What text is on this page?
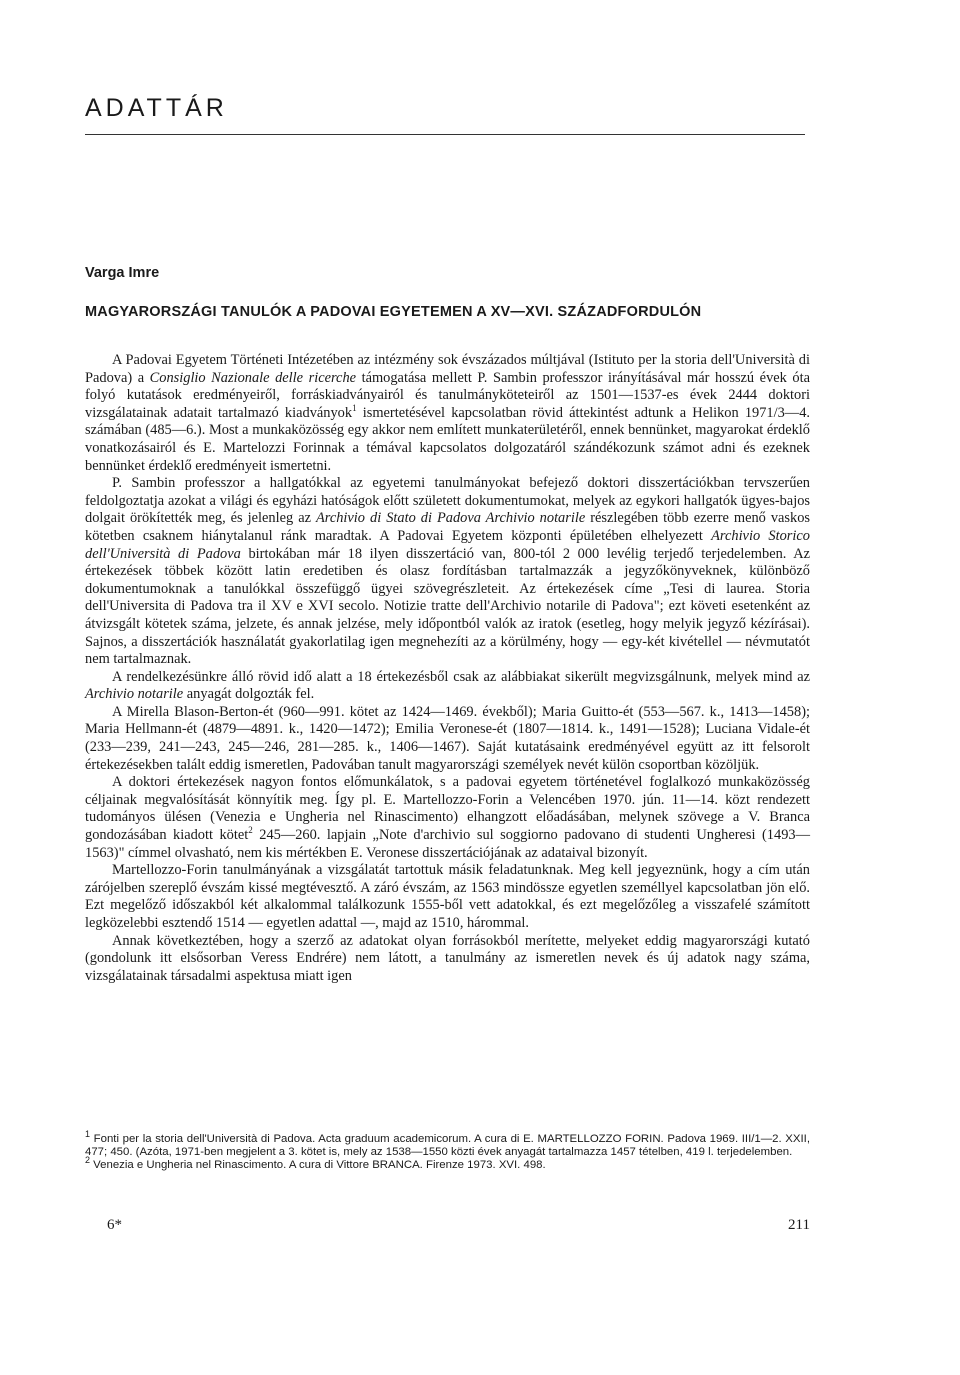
ADATTÁR
Varga Imre
MAGYARORSZÁGI TANULÓK A PADOVAI EGYETEMEN A XV—XVI. SZÁZADFORDULÓN

A Padovai Egyetem Történeti Intézetében az intézmény sok évszázados múltjával (Istituto per la storia dell'Università di Padova) a Consiglio Nazionale delle ricerche támogatása mellett P. Sambin professzor irányításával már hosszú évek óta folyó kutatások eredményeiről, forráskiadványairól és tanulmányköteteiről az 1501—1537-es évek 2444 doktori vizsgálatainak adatait tartalmazó kiadványok$^1$ ismertetésével kapcsolatban rövid áttekintést adtunk a Helikon 1971/3—4. számában (485—6.). Most a munkaközösség egy akkor nem említett munkaterületéről, ennek bennünket, magyarokat érdeklő vonatkozásairól és E. Martelozzi Forinnak a témával kapcsolatos dolgozatáról szándékozunk számot adni és ezeknek bennünket érdeklő eredményeit ismertetni.

P. Sambin professzor a hallgatókkal az egyetemi tanulmányokat befejező doktori disszertációkban tervszerűen feldolgoztatja azokat a világi és egyházi hatóságok előtt született dokumentumokat, melyek az egykori hallgatók ügyes-bajos dolgait örökítették meg, és jelenleg az Archivio di Stato di Padova Archivio notarile részlegében több ezerre menő vaskos kötetben csaknem hiánytalanul ránk maradtak. A Padovai Egyetem központi épületében elhelyezett Archivio Storico dell'Università di Padova birtokában már 18 ilyen disszertáció van, 800-tól 2 000 levélig terjedő terjedelemben. Az értekezések többek között latin eredetiben és olasz fordításban tartalmazzák a jegyzőkönyveknek, különböző dokumentumoknak a tanulókkal összefüggő ügyei szövegrészleteit. Az értekezések címe „Tesi di laurea. Storia dell'Universita di Padova tra il XV e XVI secolo. Notizie tratte dell'Archivio notarile di Padova"; ezt követi esetenként az átvizsgált kötetek száma, jelzete, és annak jelzése, mely időpontból valók az iratok (esetleg, hogy melyik jegyző kézírásai). Sajnos, a disszertációk használatát gyakorlatilag igen megnehezíti az a körülmény, hogy — egy-két kivétellel — névmutatót nem tartalmaznak.

A rendelkezésünkre álló rövid idő alatt a 18 értekezésből csak az alábbiakat sikerült megvizsgálnunk, melyek mind az Archivio notarile anyagát dolgozták fel.

A Mirella Blason-Berton-ét (960—991. kötet az 1424—1469. évekből); Maria Guitto-ét (553—567. k., 1413—1458); Maria Hellmann-ét (4879—4891. k., 1420—1472); Emilia Veronese-ét (1807—1814. k., 1491—1528); Luciana Vidale-ét (233—239, 241—243, 245—246, 281—285. k., 1406—1467). Saját kutatásaink eredményével együtt az itt felsorolt értekezésekben talált eddig ismeretlen, Padovában tanult magyarországi személyek nevét külön csoportban közöljük.

A doktori értekezések nagyon fontos előmunkálatok, s a padovai egyetem történetével foglalkozó munkaközösség céljainak megvalósítását könnyítik meg. Így pl. E. Martellozzo-Forin a Velencében 1970. jún. 11—14. közt rendezett tudományos ülésen (Venezia e Ungheria nel Rinascimento) elhangzott előadásában, melynek szövege a V. Branca gondozásában kiadott kötet$^2$ 245—260. lapjain „Note d'archivio sul soggiorno padovano di studenti Ungheresi (1493—1563)" címmel olvasható, nem kis mértékben E. Veronese disszertációjának az adataival bizonyít.

Martellozzo-Forin tanulmányának a vizsgálatát tartottuk másik feladatunknak. Meg kell jegyeznünk, hogy a cím után zárójelben szereplő évszám kissé megtévesztő. A záró évszám, az 1563 mindössze egyetlen személlyel kapcsolatban jön elő. Ezt megelőző időszakból két alkalommal találkozunk 1555-ből vett adatokkal, és ezt megelőzőleg a visszafelé számított legközelebbi esztendő 1514 — egyetlen adattal —, majd az 1510, hárommal.

Annak következtében, hogy a szerző az adatokat olyan forrásokból merítette, melyeket eddig magyarországi kutató (gondolunk itt elsősorban Veress Endrére) nem látott, a tanulmány az ismeretlen nevek és új adatok nagy száma, vizsgálatainak társadalmi aspektusa miatt igen

$^1$ Fonti per la storia dell'Università di Padova. Acta graduum academicorum. A cura di E. MARTELLOZZO FORIN. Padova 1969. III/1—2. XXII, 477; 450. (Azóta, 1971-ben megjelent a 3. kötet is, mely az 1538—1550 közti évek anyagát tartalmazza 1457 tételben, 419 l. terjedelemben.

$^2$ Venezia e Ungheria nel Rinascimento. A cura di Vittore BRANCA. Firenze 1973. XVI. 498.

6*	211
